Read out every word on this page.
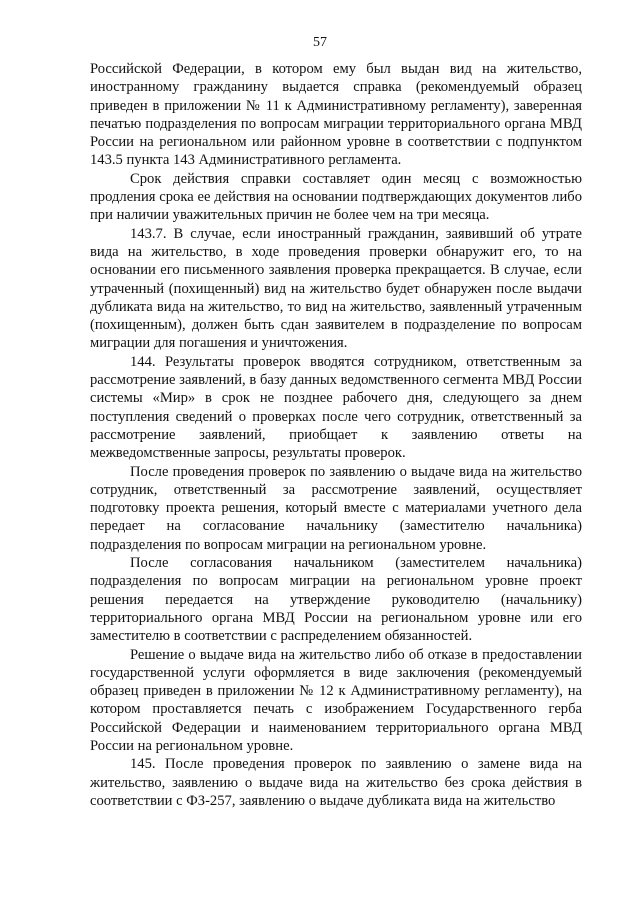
57

Российской Федерации, в котором ему был выдан вид на жительство, иностранному гражданину выдается справка (рекомендуемый образец приведен в приложении № 11 к Административному регламенту), заверенная печатью подразделения по вопросам миграции территориального органа МВД России на региональном или районном уровне в соответствии с подпунктом 143.5 пункта 143 Административного регламента.

Срок действия справки составляет один месяц с возможностью продления срока ее действия на основании подтверждающих документов либо при наличии уважительных причин не более чем на три месяца.

143.7. В случае, если иностранный гражданин, заявивший об утрате вида на жительство, в ходе проведения проверки обнаружит его, то на основании его письменного заявления проверка прекращается. В случае, если утраченный (похищенный) вид на жительство будет обнаружен после выдачи дубликата вида на жительство, то вид на жительство, заявленный утраченным (похищенным), должен быть сдан заявителем в подразделение по вопросам миграции для погашения и уничтожения.

144. Результаты проверок вводятся сотрудником, ответственным за рассмотрение заявлений, в базу данных ведомственного сегмента МВД России системы «Мир» в срок не позднее рабочего дня, следующего за днем поступления сведений о проверках после чего сотрудник, ответственный за рассмотрение заявлений, приобщает к заявлению ответы на межведомственные запросы, результаты проверок.

После проведения проверок по заявлению о выдаче вида на жительство сотрудник, ответственный за рассмотрение заявлений, осуществляет подготовку проекта решения, который вместе с материалами учетного дела передает на согласование начальнику (заместителю начальника) подразделения по вопросам миграции на региональном уровне.

После согласования начальником (заместителем начальника) подразделения по вопросам миграции на региональном уровне проект решения передается на утверждение руководителю (начальнику) территориального органа МВД России на региональном уровне или его заместителю в соответствии с распределением обязанностей.

Решение о выдаче вида на жительство либо об отказе в предоставлении государственной услуги оформляется в виде заключения (рекомендуемый образец приведен в приложении № 12 к Административному регламенту), на котором проставляется печать с изображением Государственного герба Российской Федерации и наименованием территориального органа МВД России на региональном уровне.

145. После проведения проверок по заявлению о замене вида на жительство, заявлению о выдаче вида на жительство без срока действия в соответствии с ФЗ-257, заявлению о выдаче дубликата вида на жительство
